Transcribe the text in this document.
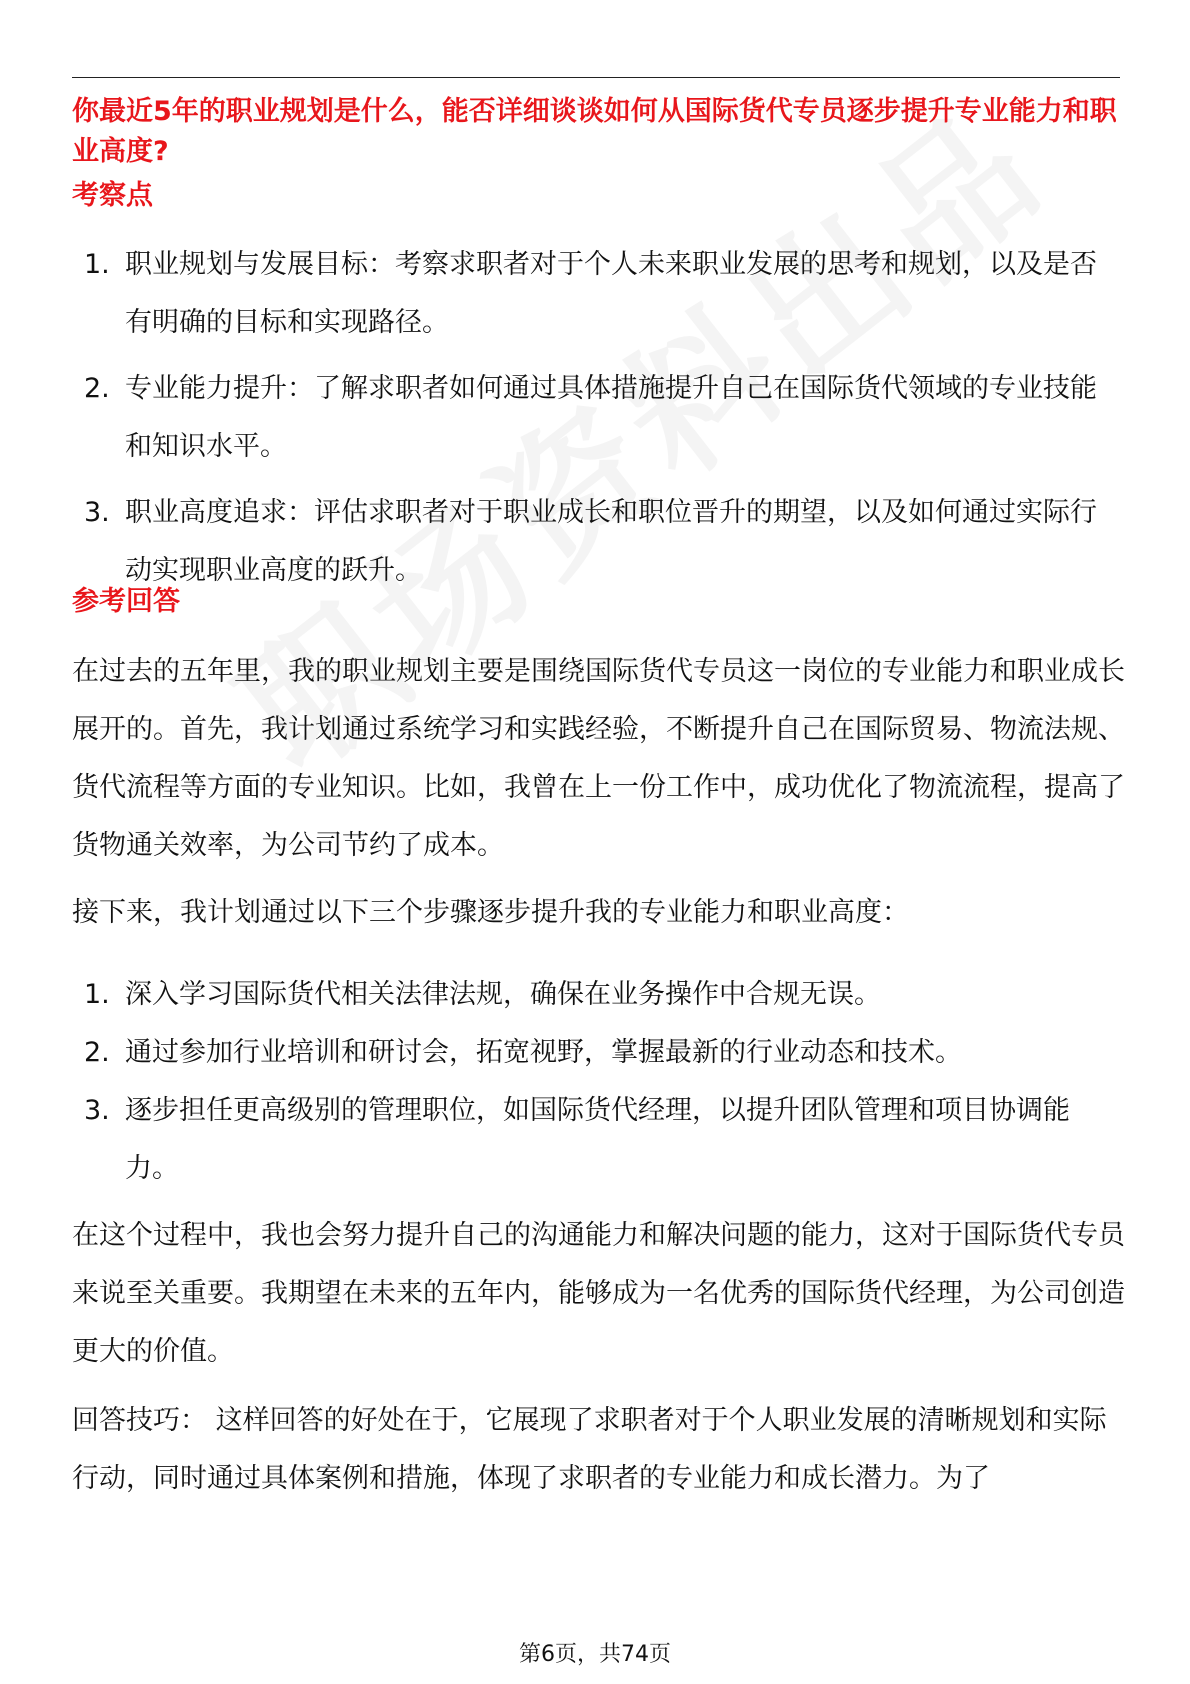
你最近5年的职业规划是什么，能否详细谈谈如何从国际货代专员逐步提升专业能力和职业高度?
考察点
1. 职业规划与发展目标：考察求职者对于个人未来职业发展的思考和规划，以及是否有明确的目标和实现路径。
2. 专业能力提升：了解求职者如何通过具体措施提升自己在国际货代领域的专业技能和知识水平。
3. 职业高度追求：评估求职者对于职业成长和职位晋升的期望，以及如何通过实际行动实现职业高度的跃升。
参考回答

在过去的五年里，我的职业规划主要是围绕国际货代专员这一岗位的专业能力和职业成长展开的。首先，我计划通过系统学习和实践经验，不断提升自己在国际贸易、物流法规、货代流程等方面的专业知识。比如，我曾在上一份工作中，成功优化了物流流程，提高了货物通关效率，为公司节约了成本。

接下来，我计划通过以下三个步骤逐步提升我的专业能力和职业高度：

1. 深入学习国际货代相关法律法规，确保在业务操作中合规无误。
2. 通过参加行业培训和研讨会，拓宽视野，掌握最新的行业动态和技术。
3. 逐步担任更高级别的管理职位，如国际货代经理，以提升团队管理和项目协调能力。

在这个过程中，我也会努力提升自己的沟通能力和解决问题的能力，这对于国际货代专员来说至关重要。我期望在未来的五年内，能够成为一名优秀的国际货代经理，为公司创造更大的价值。

回答技巧： 这样回答的好处在于，它展现了求职者对于个人职业发展的清晰规划和实际行动，同时通过具体案例和措施，体现了求职者的专业能力和成长潜力。为了

第6页，共74页
